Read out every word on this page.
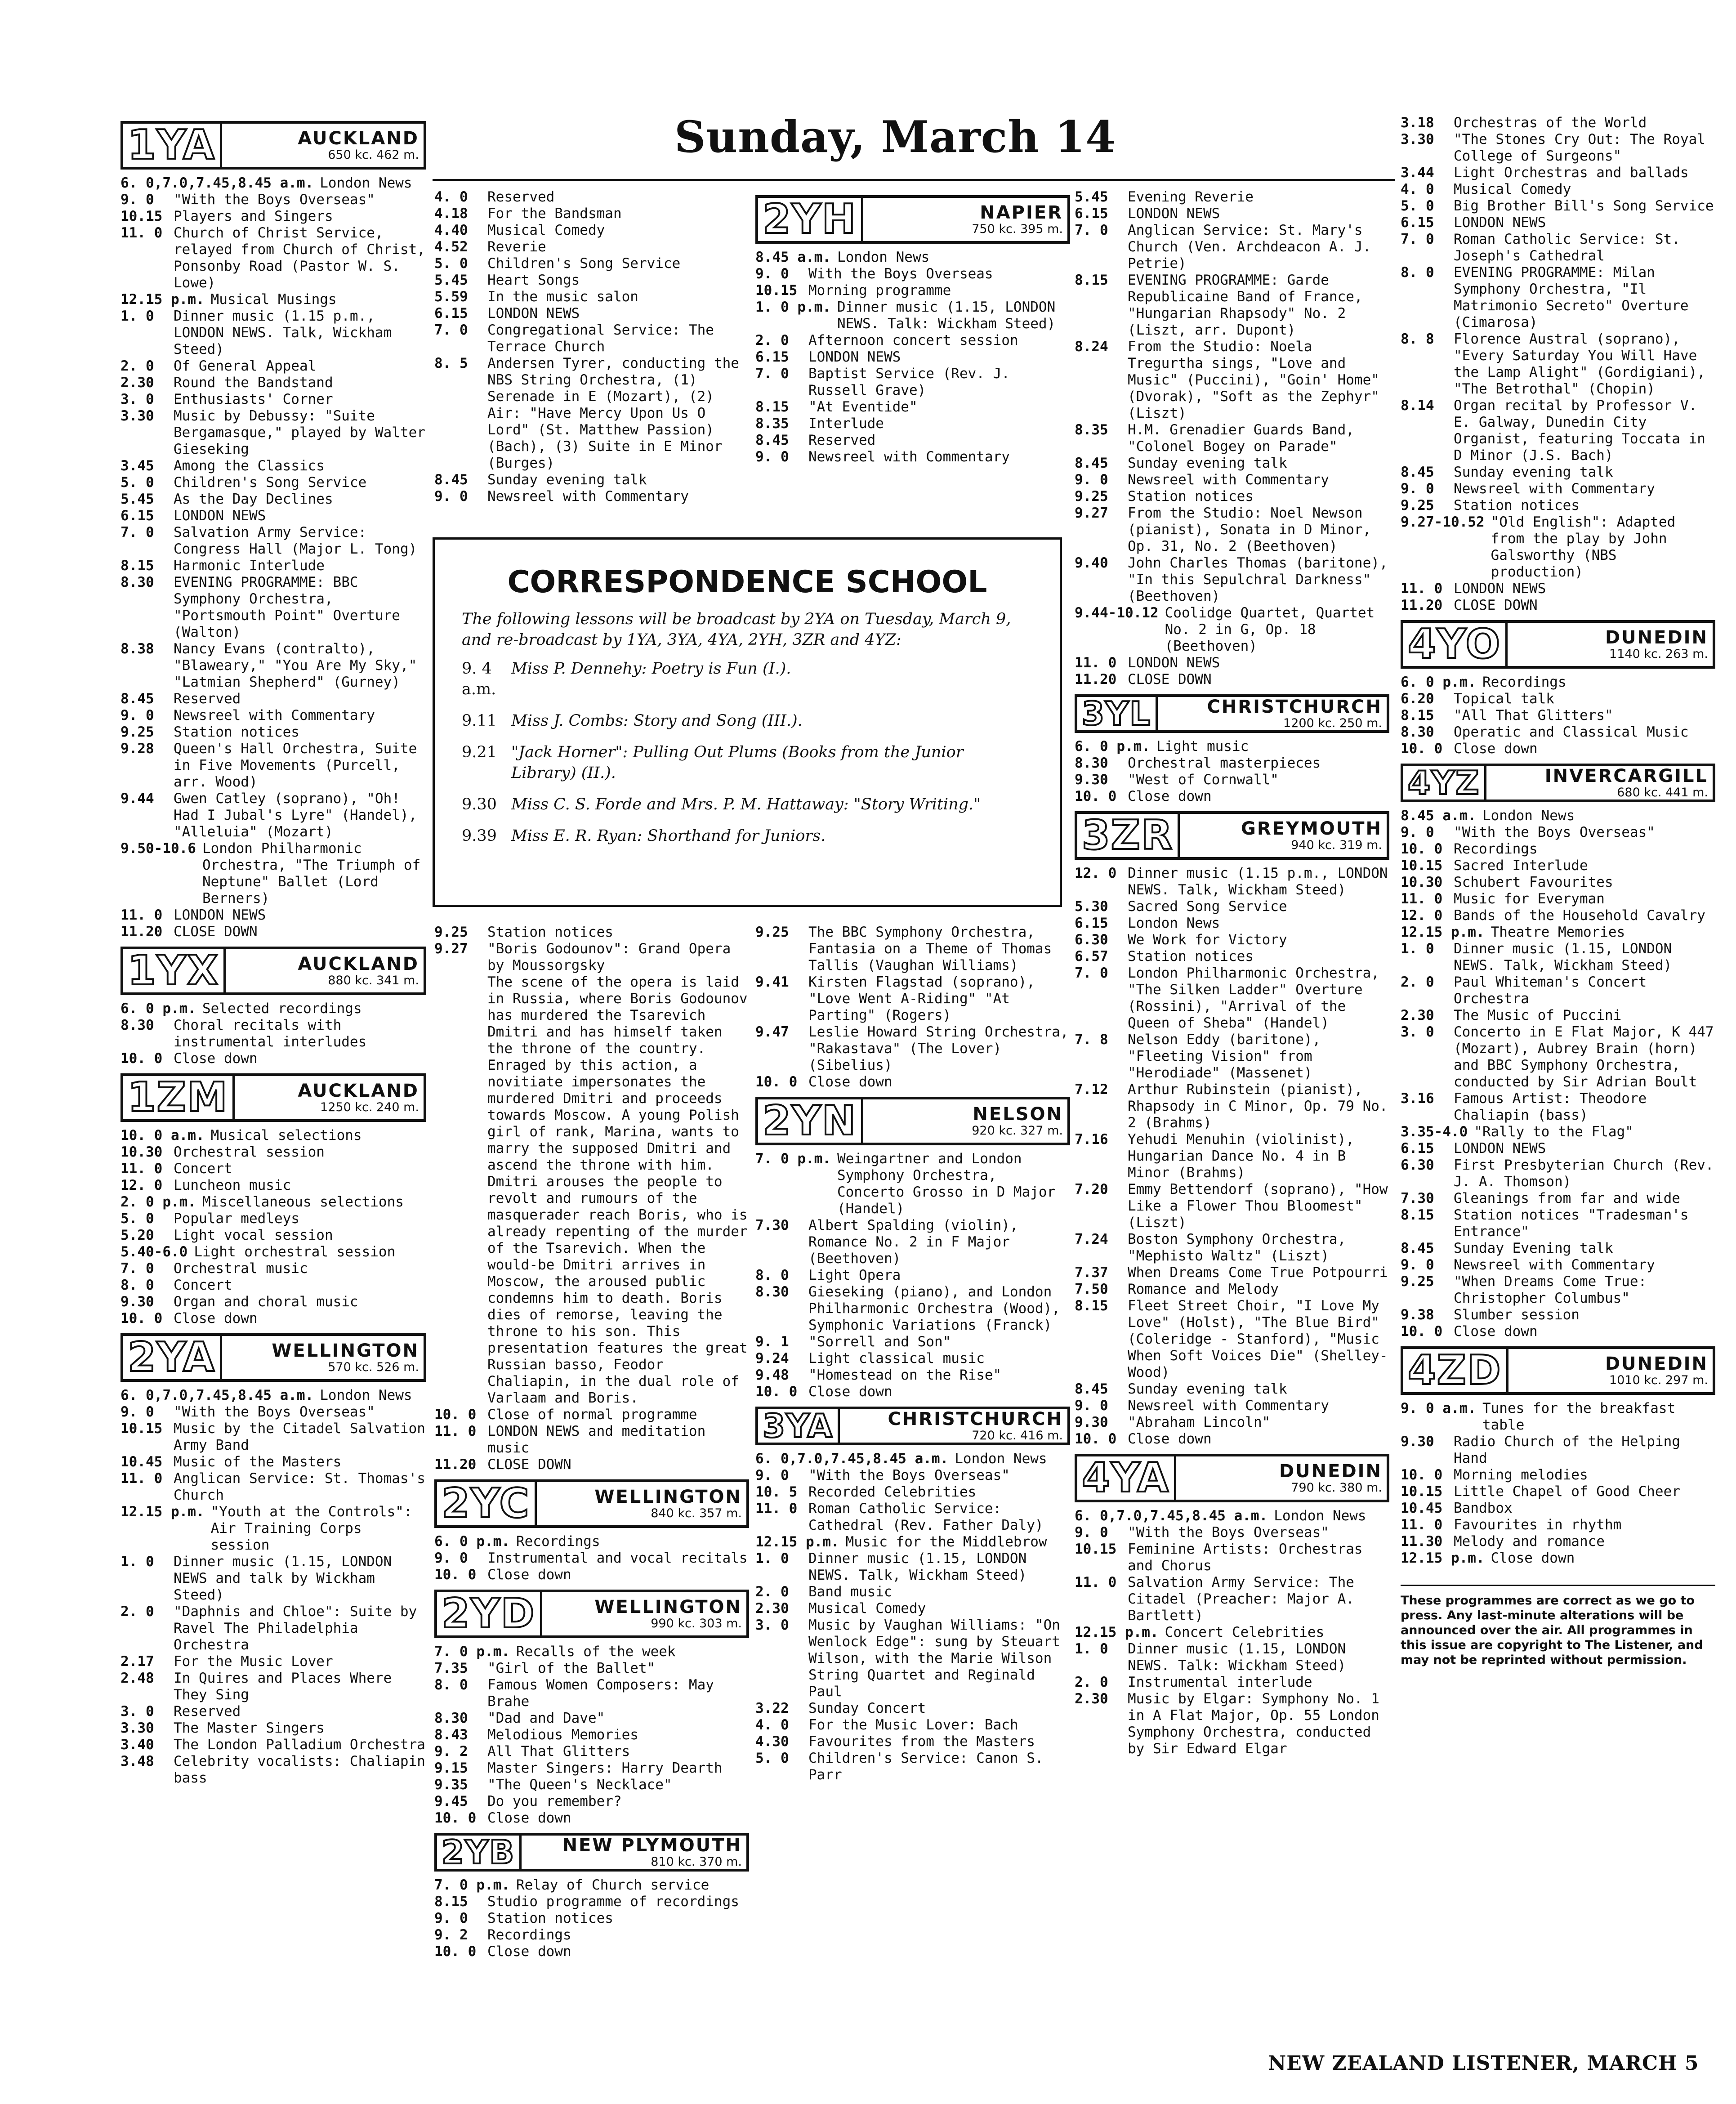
Sunday, March 14
1YA	AUCKLAND
650 kc. 462 m.
6. 0,7.0,7.45,8.45 a.m. London News
9. 0	"With the Boys Overseas"
10.15 Players and Singers
11. 0 Church of Christ Service, relayed from Church of Christ, Ponsonby Road (Pastor W. S. Lowe)
12.15 p.m. Musical Musings
1. 0	Dinner music (1.15 p.m., LONDON NEWS. Talk, Wickham Steed)
2. 0	Of General Appeal
2.30	Round the Bandstand
3. 0	Enthusiasts' Corner
3.30	Music by Debussy: "Suite Bergamasque," played by Walter Gieseking
3.45	Among the Classics
5. 0	Children's Song Service
5.45	As the Day Declines
6.15	LONDON NEWS
7. 0	Salvation Army Service: Congress Hall (Major L. Tong)
8.15	Harmonic Interlude
8.30	EVENING PROGRAMME: BBC Symphony Orchestra, "Portsmouth Point" Overture (Walton)
8.38	Nancy Evans (contralto), "Blaweary," "You Are My Sky," "Latmian Shepherd" (Gurney)
8.45	Reserved
9. 0	Newsreel with Commentary
9.25	Station notices
9.28	Queen's Hall Orchestra, Suite in Five Movements (Purcell, arr. Wood)
9.44	Gwen Catley (soprano), "Oh! Had I Jubal's Lyre" (Handel), "Alleluia" (Mozart)
9.50-10.6 London Philharmonic Orchestra, "The Triumph of Neptune" Ballet (Lord Berners)
11. 0 LONDON NEWS
11.20 CLOSE DOWN
1YX	AUCKLAND
880 kc. 341 m.
6. 0 p.m. Selected recordings
8.30	Choral recitals with instrumental interludes
10. 0 Close down
1ZM	AUCKLAND
1250 kc. 240 m.
10. 0 a.m. Musical selections
10.30 Orchestral session
11. 0 Concert
12. 0 Luncheon music
2. 0 p.m. Miscellaneous selections
5. 0	Popular medleys
5.20	Light vocal session
5.40-6.0 Light orchestral session
7. 0	Orchestral music
8. 0	Concert
9.30	Organ and choral music
10. 0 Close down
2YA	WELLINGTON
570 kc. 526 m.
6. 0,7.0,7.45,8.45 a.m. London News
9. 0	"With the Boys Overseas"
10.15 Music by the Citadel Salvation Army Band
10.45 Music of the Masters
11. 0 Anglican Service: St. Thomas's Church
12.15 p.m. "Youth at the Controls": Air Training Corps session
1. 0	Dinner music (1.15, LONDON NEWS and talk by Wickham Steed)
2. 0	"Daphnis and Chloe": Suite by Ravel The Philadelphia Orchestra
2.17	For the Music Lover
2.48	In Quires and Places Where They Sing
3. 0	Reserved
3.30	The Master Singers
3.40	The London Palladium Orchestra
3.48	Celebrity vocalists: Chaliapin bass
4. 0	Reserved
4.18	For the Bandsman
4.40	Musical Comedy
4.52	Reverie
5. 0	Children's Song Service
5.45	Heart Songs
5.59	In the music salon
6.15	LONDON NEWS
7. 0	Congregational Service: The Terrace Church
8. 5	Andersen Tyrer, conducting the NBS String Orchestra, (1) Serenade in E (Mozart), (2) Air: "Have Mercy Upon Us O Lord" (St. Matthew Passion) (Bach), (3) Suite in E Minor (Burges)
8.45	Sunday evening talk
9. 0	Newsreel with Commentary
2YH	NAPIER
750 kc. 395 m.
8.45 a.m. London News
9. 0	With the Boys Overseas
10.15 Morning programme
1. 0 p.m. Dinner music (1.15, LONDON NEWS. Talk: Wickham Steed)
2. 0	Afternoon concert session
6.15	LONDON NEWS
7. 0	Baptist Service (Rev. J. Russell Grave)
8.15	"At Eventide"
8.35	Interlude
8.45	Reserved
9. 0	Newsreel with Commentary
5.45	Evening Reverie
6.15	LONDON NEWS
7. 0	Anglican Service: St. Mary's Church (Ven. Archdeacon A. J. Petrie)
8.15	EVENING PROGRAMME: Garde Republicaine Band of France, "Hungarian Rhapsody" No. 2 (Liszt, arr. Dupont)
8.24	From the Studio: Noela Tregurtha sings, "Love and Music" (Puccini), "Goin' Home" (Dvorak), "Soft as the Zephyr" (Liszt)
8.35	H.M. Grenadier Guards Band, "Colonel Bogey on Parade"
8.45	Sunday evening talk
9. 0	Newsreel with Commentary
9.25	Station notices
9.27	From the Studio: Noel Newson (pianist), Sonata in D Minor, Op. 31, No. 2 (Beethoven)
9.40	John Charles Thomas (baritone), "In this Sepulchral Darkness" (Beethoven)
9.44-10.12 Coolidge Quartet, Quartet No. 2 in G, Op. 18 (Beethoven)
11. 0 LONDON NEWS
11.20 CLOSE DOWN
3YL	CHRISTCHURCH
1200 kc. 250 m.
6. 0 p.m. Light music
8.30	Orchestral masterpieces
9.30	"West of Cornwall"
10. 0 Close down
3ZR	GREYMOUTH
940 kc. 319 m.
12. 0 Dinner music (1.15 p.m., LONDON NEWS. Talk, Wickham Steed)
5.30	Sacred Song Service
6.15	London News
6.30	We Work for Victory
6.57	Station notices
7. 0	London Philharmonic Orchestra, "The Silken Ladder" Overture (Rossini), "Arrival of the Queen of Sheba" (Handel)
7. 8	Nelson Eddy (baritone), "Fleeting Vision" from "Herodiade" (Massenet)
7.12	Arthur Rubinstein (pianist), Rhapsody in C Minor, Op. 79 No. 2 (Brahms)
7.16	Yehudi Menuhin (violinist), Hungarian Dance No. 4 in B Minor (Brahms)
7.20	Emmy Bettendorf (soprano), "How Like a Flower Thou Bloomest" (Liszt)
7.24	Boston Symphony Orchestra, "Mephisto Waltz" (Liszt)
7.37	When Dreams Come True Potpourri
7.50	Romance and Melody
8.15	Fleet Street Choir, "I Love My Love" (Holst), "The Blue Bird" (Coleridge - Stanford), "Music When Soft Voices Die" (Shelley-Wood)
8.45	Sunday evening talk
9. 0	Newsreel with Commentary
9.30	"Abraham Lincoln"
10. 0 Close down
4YA	DUNEDIN
790 kc. 380 m.
6. 0,7.0,7.45,8.45 a.m. London News
9. 0	"With the Boys Overseas"
10.15 Feminine Artists: Orchestras and Chorus
11. 0 Salvation Army Service: The Citadel (Preacher: Major A. Bartlett)
12.15 p.m. Concert Celebrities
1. 0	Dinner music (1.15, LONDON NEWS. Talk: Wickham Steed)
2. 0	Instrumental interlude
2.30	Music by Elgar: Symphony No. 1 in A Flat Major, Op. 55 London Symphony Orchestra, conducted by Sir Edward Elgar
3.18	Orchestras of the World
3.30	"The Stones Cry Out: The Royal College of Surgeons"
3.44	Light Orchestras and ballads
4. 0	Musical Comedy
5. 0	Big Brother Bill's Song Service
6.15	LONDON NEWS
7. 0	Roman Catholic Service: St. Joseph's Cathedral
8. 0	EVENING PROGRAMME: Milan Symphony Orchestra, "Il Matrimonio Secreto" Overture (Cimarosa)
8. 8	Florence Austral (soprano), "Every Saturday You Will Have the Lamp Alight" (Gordigiani), "The Betrothal" (Chopin)
8.14	Organ recital by Professor V. E. Galway, Dunedin City Organist, featuring Toccata in D Minor (J.S. Bach)
8.45	Sunday evening talk
9. 0	Newsreel with Commentary
9.25	Station notices
9.27-10.52 "Old English": Adapted from the play by John Galsworthy (NBS production)
11. 0 LONDON NEWS
11.20 CLOSE DOWN
4YO	DUNEDIN
1140 kc. 263 m.
6. 0 p.m. Recordings
6.20	Topical talk
8.15	"All That Glitters"
8.30	Operatic and Classical Music
10. 0 Close down
4YZ	INVERCARGILL
680 kc. 441 m.
8.45 a.m. London News
9. 0	"With the Boys Overseas"
10. 0 Recordings
10.15 Sacred Interlude
10.30 Schubert Favourites
11. 0 Music for Everyman
12. 0 Bands of the Household Cavalry
12.15 p.m. Theatre Memories
1. 0	Dinner music (1.15, LONDON NEWS. Talk, Wickham Steed)
2. 0	Paul Whiteman's Concert Orchestra
2.30	The Music of Puccini
3. 0	Concerto in E Flat Major, K 447 (Mozart), Aubrey Brain (horn) and BBC Symphony Orchestra, conducted by Sir Adrian Boult
3.16	Famous Artist: Theodore Chaliapin (bass)
3.35-4.0 "Rally to the Flag"
6.15	LONDON NEWS
6.30	First Presbyterian Church (Rev. J. A. Thomson)
7.30	Gleanings from far and wide
8.15	Station notices "Tradesman's Entrance"
8.45	Sunday Evening talk
9. 0	Newsreel with Commentary
9.25	"When Dreams Come True: Christopher Columbus"
9.38	Slumber session
10. 0 Close down
4ZD	DUNEDIN
1010 kc. 297 m.
9. 0 a.m. Tunes for the breakfast table
9.30	Radio Church of the Helping Hand
10. 0 Morning melodies
10.15 Little Chapel of Good Cheer
10.45 Bandbox
11. 0 Favourites in rhythm
11.30 Melody and romance
12.15 p.m. Close down
These programmes are correct as we go to press. Any last-minute alterations will be announced over the air. All programmes in this issue are copyright to The Listener, and may not be reprinted without permission.
9.25	Station notices
9.27	"Boris Godounov": Grand Opera by Moussorgsky
The scene of the opera is laid in Russia, where Boris Godounov has murdered the Tsarevich Dmitri and has himself taken the throne of the country. Enraged by this action, a novitiate impersonates the murdered Dmitri and proceeds towards Moscow. A young Polish girl of rank, Marina, wants to marry the supposed Dmitri and ascend the throne with him. Dmitri arouses the people to revolt and rumours of the masquerader reach Boris, who is already repenting of the murder of the Tsarevich. When the would-be Dmitri arrives in Moscow, the aroused public condemns him to death. Boris dies of remorse, leaving the throne to his son. This presentation features the great Russian basso, Feodor Chaliapin, in the dual role of Varlaam and Boris.
10. 0 Close of normal programme
11. 0 LONDON NEWS and meditation music
11.20 CLOSE DOWN
2YC	WELLINGTON
840 kc. 357 m.
6. 0 p.m. Recordings
9. 0	Instrumental and vocal recitals
10. 0 Close down
2YD	WELLINGTON
990 kc. 303 m.
7. 0 p.m. Recalls of the week
7.35	"Girl of the Ballet"
8. 0	Famous Women Composers: May Brahe
8.30	"Dad and Dave"
8.43	Melodious Memories
9. 2	All That Glitters
9.15	Master Singers: Harry Dearth
9.35	"The Queen's Necklace"
9.45	Do you remember?
10. 0 Close down
2YB	NEW PLYMOUTH
810 kc. 370 m.
7. 0 p.m. Relay of Church service
8.15	Studio programme of recordings
9. 0	Station notices
9. 2	Recordings
10. 0 Close down
9.25	The BBC Symphony Orchestra, Fantasia on a Theme of Thomas Tallis (Vaughan Williams)
9.41	Kirsten Flagstad (soprano), "Love Went A-Riding" "At Parting" (Rogers)
9.47	Leslie Howard String Orchestra, "Rakastava" (The Lover) (Sibelius)
10. 0 Close down
2YN	NELSON
920 kc. 327 m.
7. 0 p.m. Weingartner and London Symphony Orchestra, Concerto Grosso in D Major (Handel)
7.30	Albert Spalding (violin), Romance No. 2 in F Major (Beethoven)
8. 0	Light Opera
8.30	Gieseking (piano), and London Philharmonic Orchestra (Wood), Symphonic Variations (Franck)
9. 1	"Sorrell and Son"
9.24	Light classical music
9.48	"Homestead on the Rise"
10. 0 Close down
3YA	CHRISTCHURCH
720 kc. 416 m.
6. 0,7.0,7.45,8.45 a.m. London News
9. 0	"With the Boys Overseas"
10. 5 Recorded Celebrities
11. 0 Roman Catholic Service: Cathedral (Rev. Father Daly)
12.15 p.m. Music for the Middlebrow
1. 0	Dinner music (1.15, LONDON NEWS. Talk, Wickham Steed)
2. 0	Band music
2.30	Musical Comedy
3. 0	Music by Vaughan Williams: "On Wenlock Edge": sung by Steuart Wilson, with the Marie Wilson String Quartet and Reginald Paul
3.22	Sunday Concert
4. 0	For the Music Lover: Bach
4.30	Favourites from the Masters
5. 0	Children's Service: Canon S. Parr
CORRESPONDENCE SCHOOL
The following lessons will be broadcast by 2YA on Tuesday, March 9, and re-broadcast by 1YA, 3YA, 4YA, 2YH, 3ZR and 4YZ:
9. 4 a.m.
Miss P. Dennehy: Poetry is Fun (I.).
9.11 Miss J. Combs: Story and Song (III.).
9.21 "Jack Horner": Pulling Out Plums (Books from the Junior Library) (II.).
9.30 Miss C. S. Forde and Mrs. P. M. Hattaway: "Story Writing."
9.39 Miss E. R. Ryan: Shorthand for Juniors.
NEW ZEALAND LISTENER, MARCH 5
